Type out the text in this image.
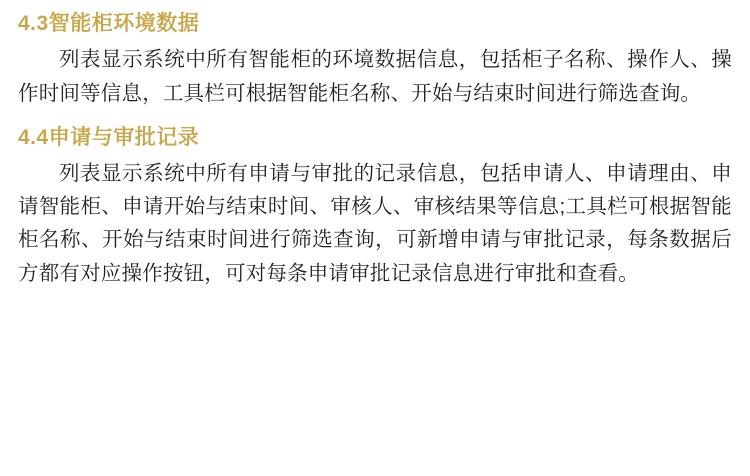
4.3智能柜环境数据

列表显示系统中所有智能柜的环境数据信息，包括柜子名称、操作人、操作时间等信息，工具栏可根据智能柜名称、开始与结束时间进行筛选查询。

4.4申请与审批记录

列表显示系统中所有申请与审批的记录信息，包括申请人、申请理由、申请智能柜、申请开始与结束时间、审核人、审核结果等信息;工具栏可根据智能柜名称、开始与结束时间进行筛选查询，可新增申请与审批记录，每条数据后方都有对应操作按钮，可对每条申请审批记录信息进行审批和查看。
